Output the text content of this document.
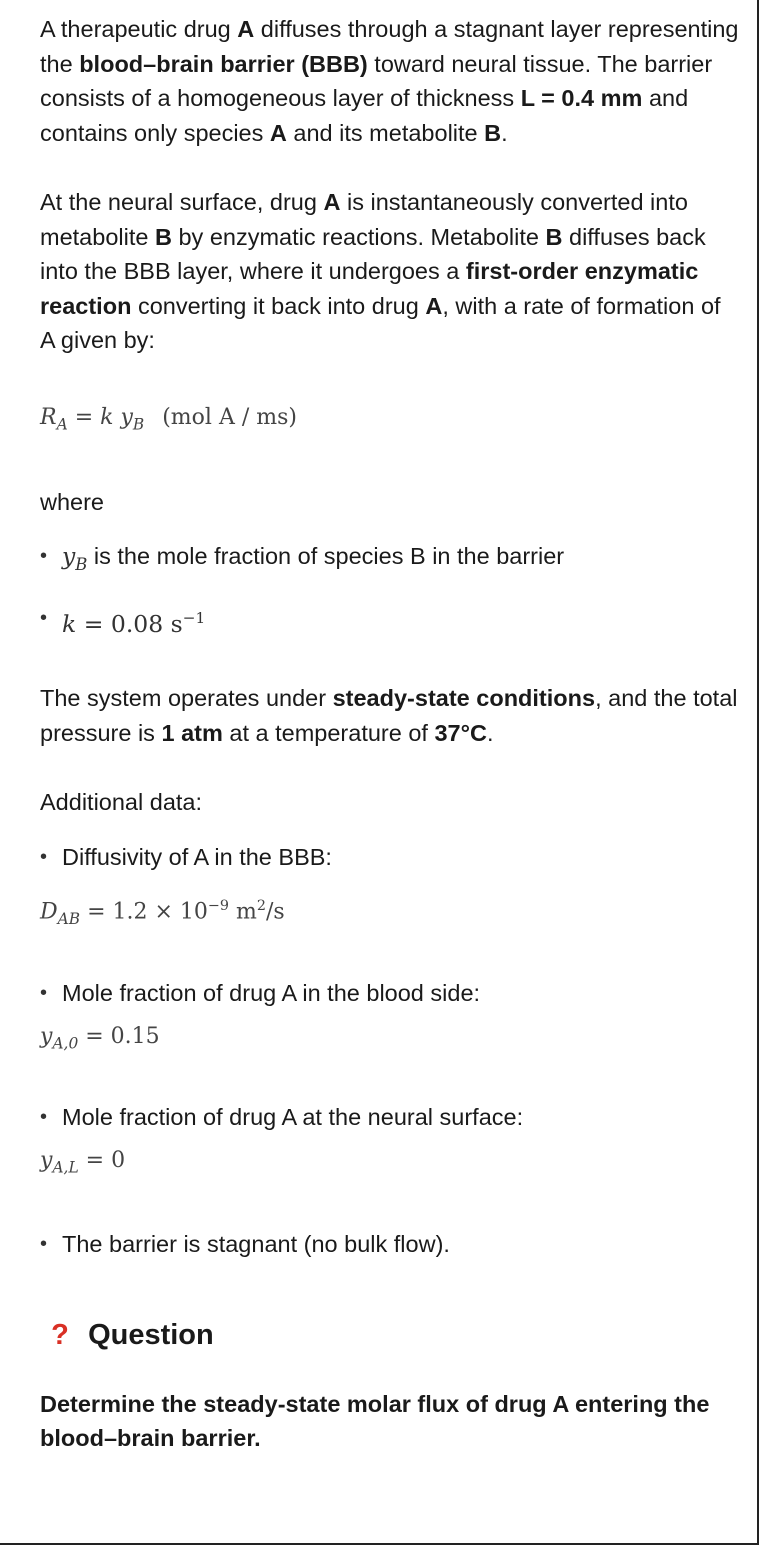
A therapeutic drug A diffuses through a stagnant layer representing the blood–brain barrier (BBB) toward neural tissue. The barrier consists of a homogeneous layer of thickness L = 0.4 mm and contains only species A and its metabolite B.

At the neural surface, drug A is instantaneously converted into metabolite B by enzymatic reactions. Metabolite B diffuses back into the BBB layer, where it undergoes a first-order enzymatic reaction converting it back into drug A, with a rate of formation of A given by:

$R_A = k$ $y_B$ (mol A / ms)
where
• $y_B$ is the mole fraction of species B in the barrier
• k = 0.08 $s^{-1}$

The system operates under steady-state conditions, and the total pressure is 1 atm at a temperature of 37°C.

Additional data:
• Diffusivity of A in the BBB:
$D_{AB} = 1.2 \times 10^{-9}$ $m^2/s$
• Mole fraction of drug A in the blood side:
$y_{A,0} = 0.15$
• Mole fraction of drug A at the neural surface:
$y_{A,L} = 0$
• The barrier is stagnant (no bulk flow).
? Question

Determine the steady-state molar flux of drug A entering the blood–brain barrier.
